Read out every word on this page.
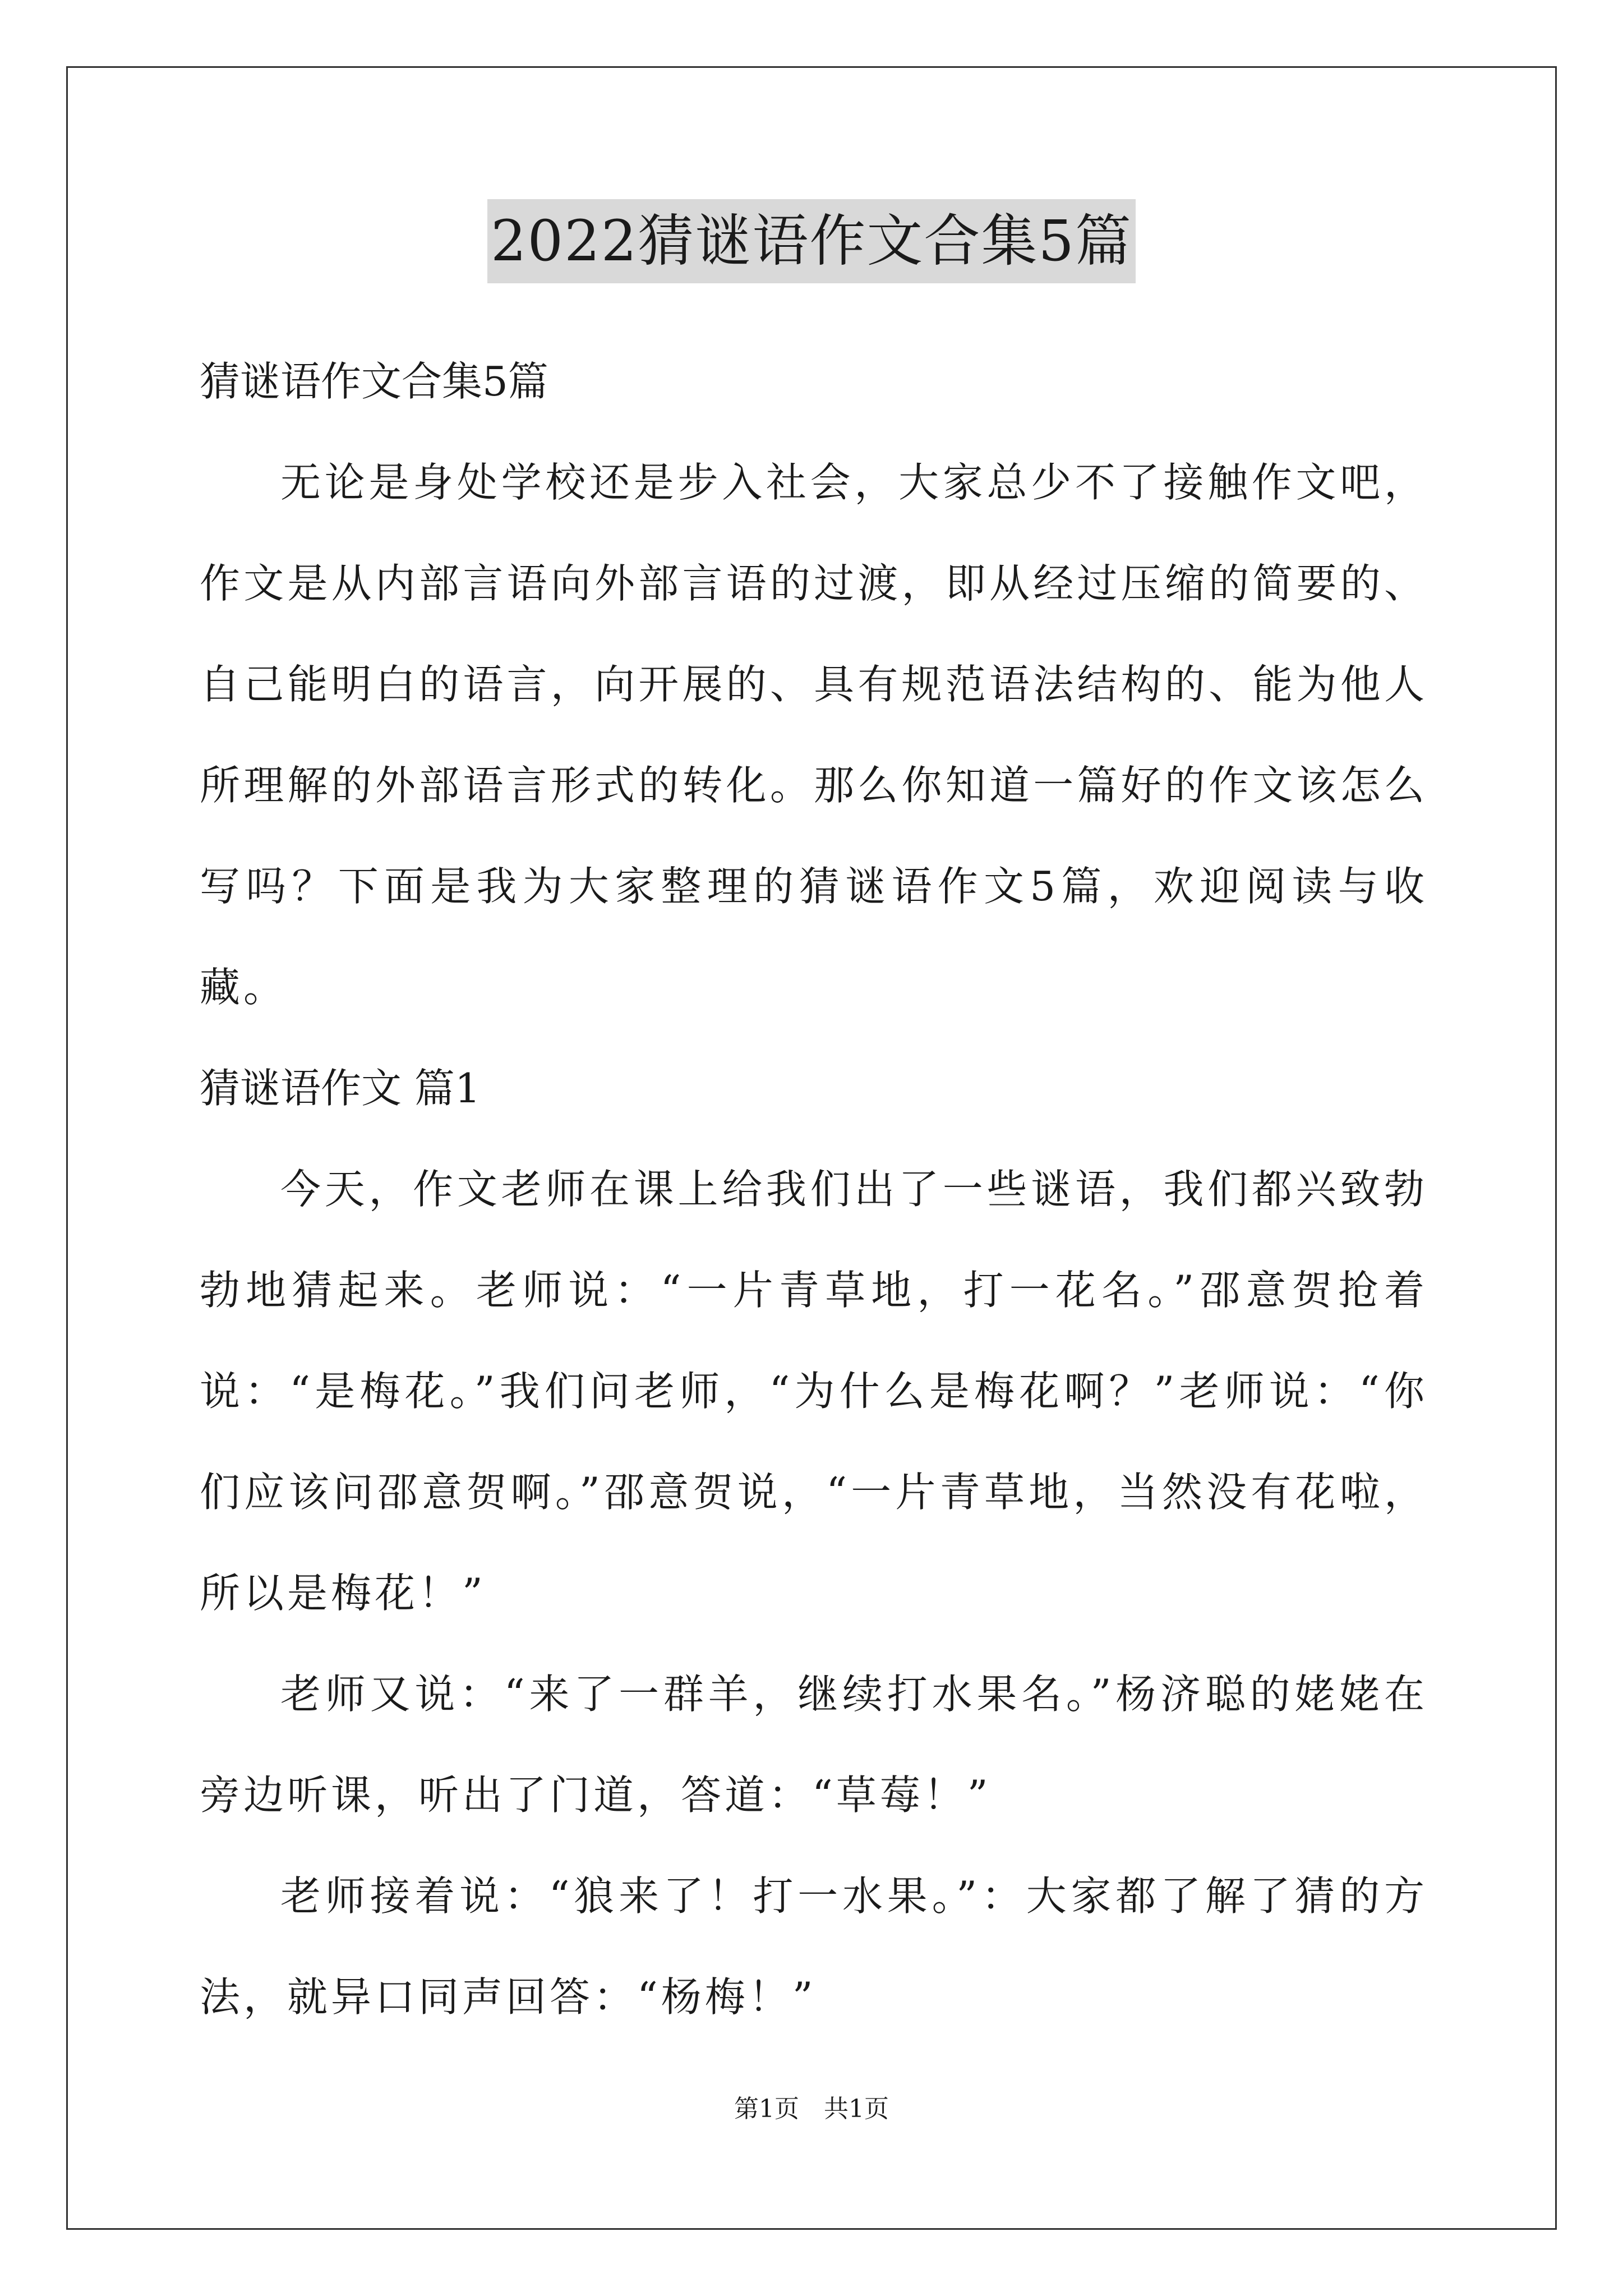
2022猜谜语作文合集5篇

猜谜语作文合集5篇

无论是身处学校还是步入社会，大家总少不了接触作文吧，作文是从内部言语向外部言语的过渡，即从经过压缩的简要的、自己能明白的语言，向开展的、具有规范语法结构的、能为他人所理解的外部语言形式的转化。那么你知道一篇好的作文该怎么写吗？下面是我为大家整理的猜谜语作文5篇，欢迎阅读与收藏。

猜谜语作文 篇1

今天，作文老师在课上给我们出了一些谜语，我们都兴致勃勃地猜起来。老师说：“一片青草地，打一花名。”邵意贺抢着说：“是梅花。”我们问老师，“为什么是梅花啊？”老师说：“你们应该问邵意贺啊。”邵意贺说，“一片青草地，当然没有花啦，所以是梅花！”

老师又说：“来了一群羊，继续打水果名。”杨济聪的姥姥在旁边听课，听出了门道，答道：“草莓！”

老师接着说：“狼来了！打一水果。”：大家都了解了猜的方法，就异口同声回答：“杨梅！”

第1页　共1页
